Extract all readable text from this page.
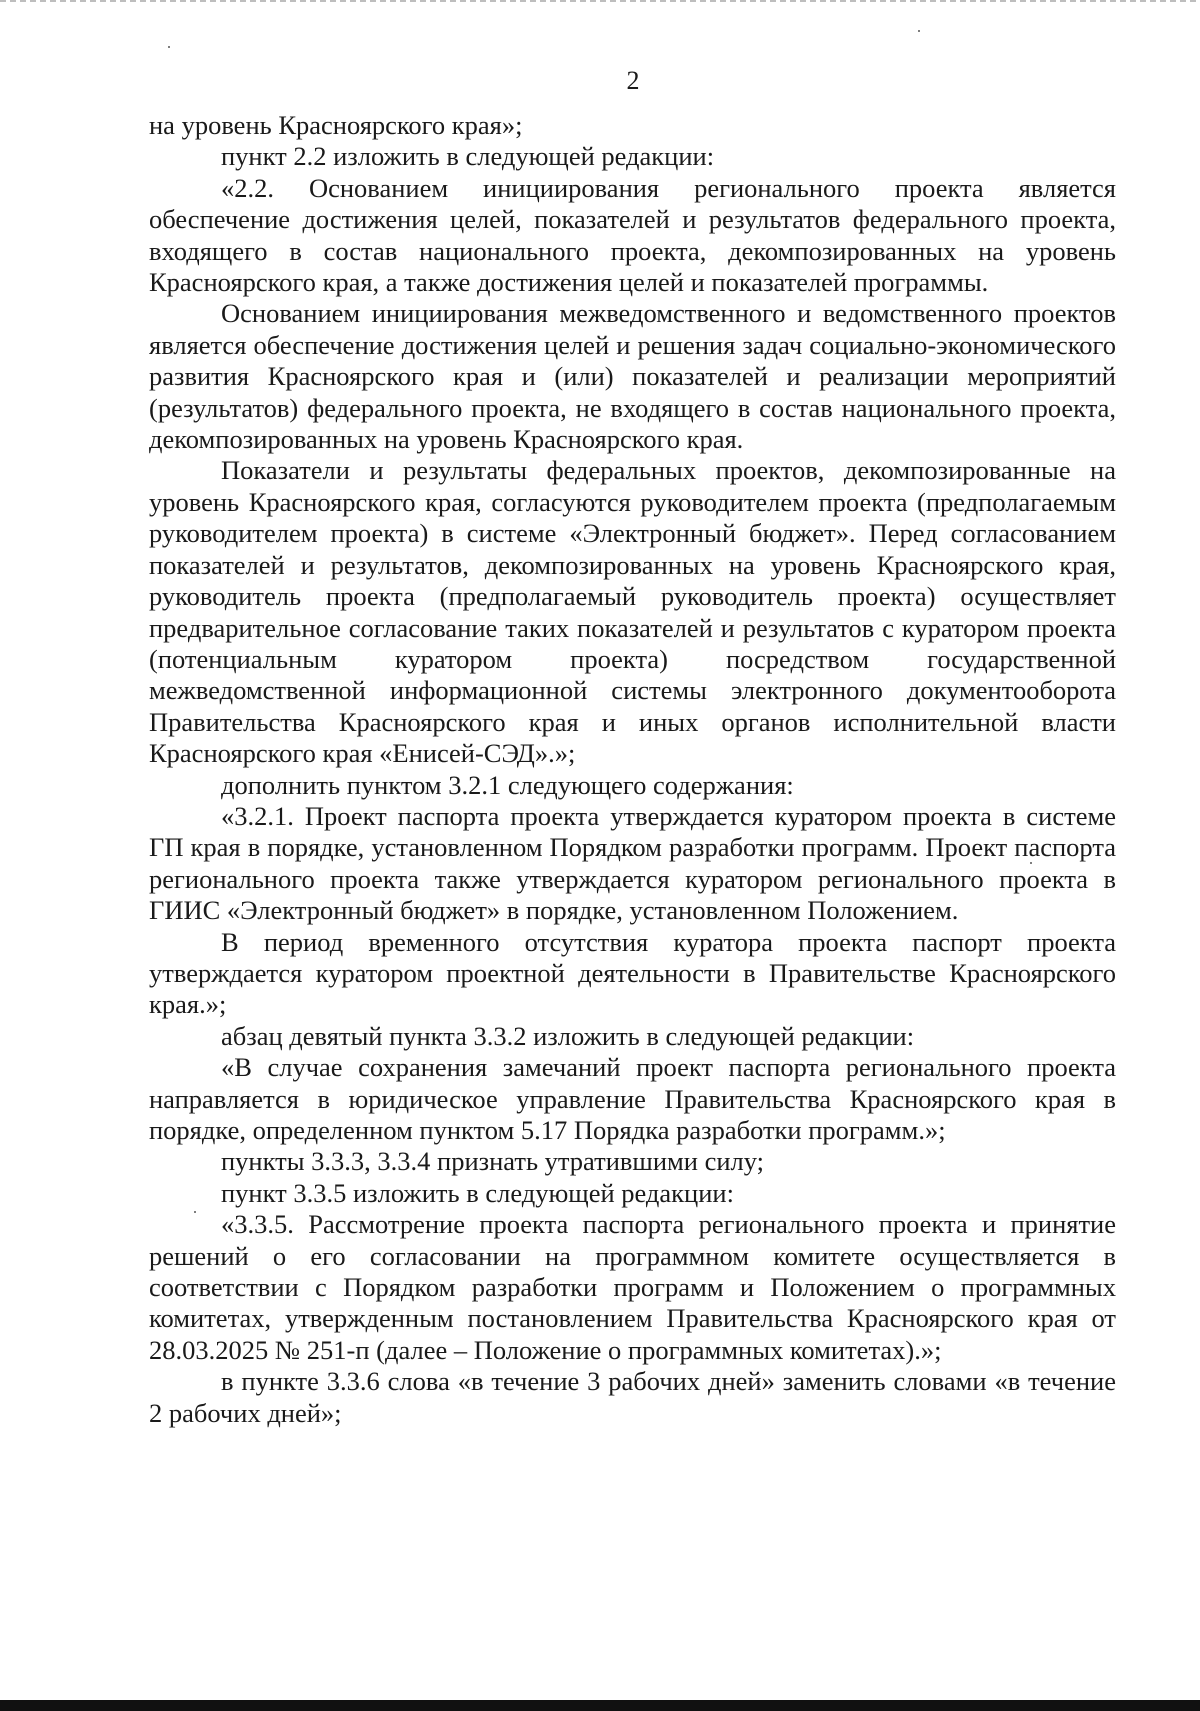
2

на уровень Красноярского края»;

пункт 2.2 изложить в следующей редакции:

«2.2. Основанием инициирования регионального проекта является обеспечение достижения целей, показателей и результатов федерального проекта, входящего в состав национального проекта, декомпозированных на уровень Красноярского края, а также достижения целей и показателей программы.

Основанием инициирования межведомственного и ведомственного проектов является обеспечение достижения целей и решения задач социально-экономического развития Красноярского края и (или) показателей и реализации мероприятий (результатов) федерального проекта, не входящего в состав национального проекта, декомпозированных на уровень Красноярского края.

Показатели и результаты федеральных проектов, декомпозированные на уровень Красноярского края, согласуются руководителем проекта (предполагаемым руководителем проекта) в системе «Электронный бюджет». Перед согласованием показателей и результатов, декомпозированных на уровень Красноярского края, руководитель проекта (предполагаемый руководитель проекта) осуществляет предварительное согласование таких показателей и результатов с куратором проекта (потенциальным куратором проекта) посредством государственной межведомственной информационной системы электронного документооборота Правительства Красноярского края и иных органов исполнительной власти Красноярского края «Енисей-СЭД».»;

дополнить пунктом 3.2.1 следующего содержания:

«3.2.1. Проект паспорта проекта утверждается куратором проекта в системе ГП края в порядке, установленном Порядком разработки программ. Проект паспорта регионального проекта также утверждается куратором регионального проекта в ГИИС «Электронный бюджет» в порядке, установленном Положением.

В период временного отсутствия куратора проекта паспорт проекта утверждается куратором проектной деятельности в Правительстве Красноярского края.»;

абзац девятый пункта 3.3.2 изложить в следующей редакции:

«В случае сохранения замечаний проект паспорта регионального проекта направляется в юридическое управление Правительства Красноярского края в порядке, определенном пунктом 5.17 Порядка разработки программ.»;

пункты 3.3.3, 3.3.4 признать утратившими силу;

пункт 3.3.5 изложить в следующей редакции:

«3.3.5. Рассмотрение проекта паспорта регионального проекта и принятие решений о его согласовании на программном комитете осуществляется в соответствии с Порядком разработки программ и Положением о программных комитетах, утвержденным постановлением Правительства Красноярского края от 28.03.2025 № 251-п (далее – Положение о программных комитетах).»;

в пункте 3.3.6 слова «в течение 3 рабочих дней» заменить словами «в течение 2 рабочих дней»;
